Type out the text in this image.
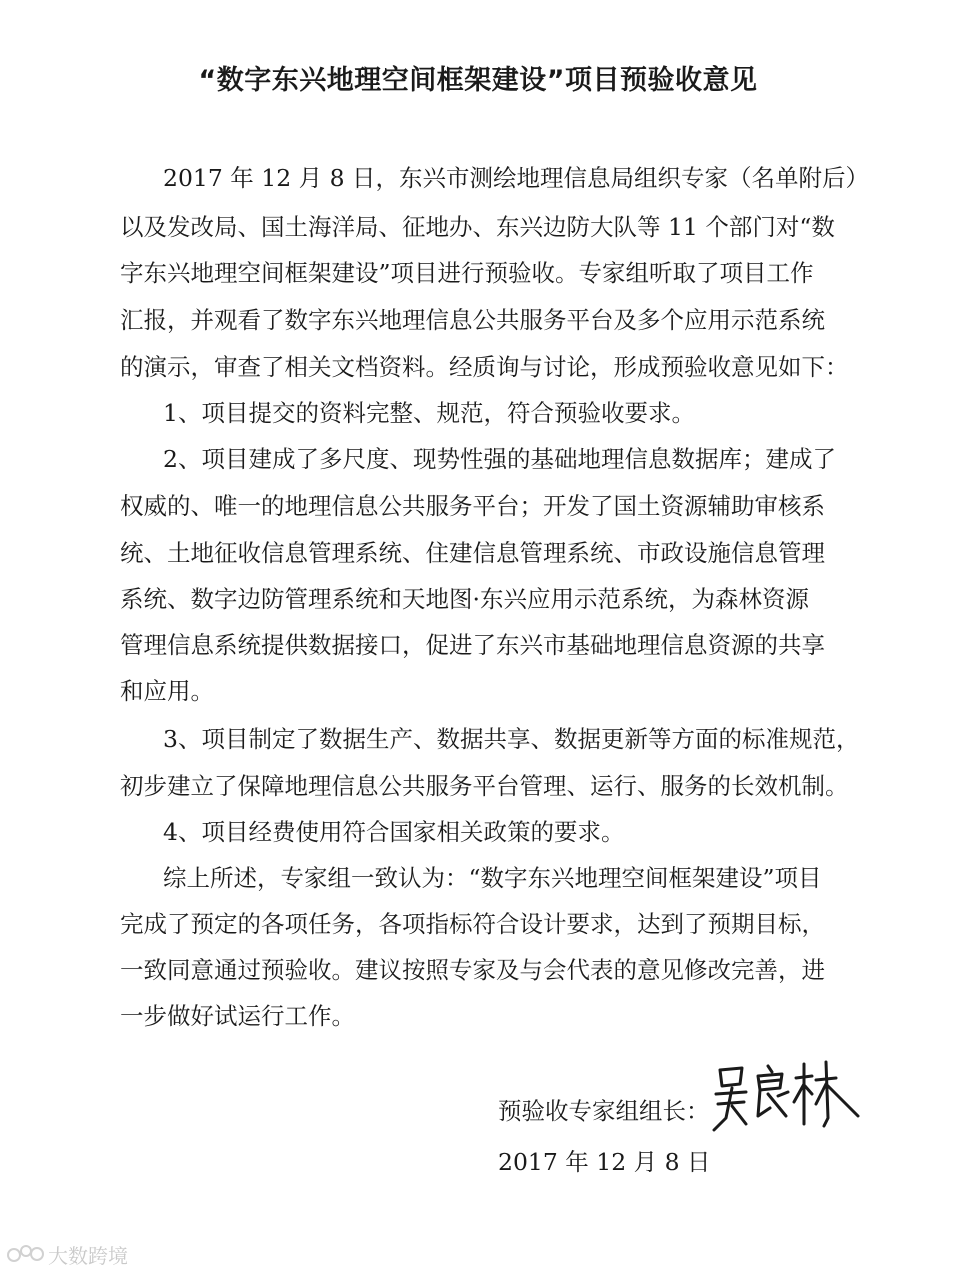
“数字东兴地理空间框架建设”项目预验收意见
2017 年 12 月 8 日，东兴市测绘地理信息局组织专家（名单附后）
以及发改局、国土海洋局、征地办、东兴边防大队等 11 个部门对“数
字东兴地理空间框架建设”项目进行预验收。专家组听取了项目工作
汇报，并观看了数字东兴地理信息公共服务平台及多个应用示范系统
的演示，审查了相关文档资料。经质询与讨论，形成预验收意见如下：
1、项目提交的资料完整、规范，符合预验收要求。
2、项目建成了多尺度、现势性强的基础地理信息数据库；建成了
权威的、唯一的地理信息公共服务平台；开发了国土资源辅助审核系
统、土地征收信息管理系统、住建信息管理系统、市政设施信息管理
系统、数字边防管理系统和天地图·东兴应用示范系统，为森林资源
管理信息系统提供数据接口，促进了东兴市基础地理信息资源的共享
和应用。
3、项目制定了数据生产、数据共享、数据更新等方面的标准规范，
初步建立了保障地理信息公共服务平台管理、运行、服务的长效机制。
4、项目经费使用符合国家相关政策的要求。
综上所述，专家组一致认为：“数字东兴地理空间框架建设”项目
完成了预定的各项任务，各项指标符合设计要求，达到了预期目标，
一致同意通过预验收。建议按照专家及与会代表的意见修改完善，进
一步做好试运行工作。
预验收专家组组长：
2017 年 12 月 8 日
大数跨境
